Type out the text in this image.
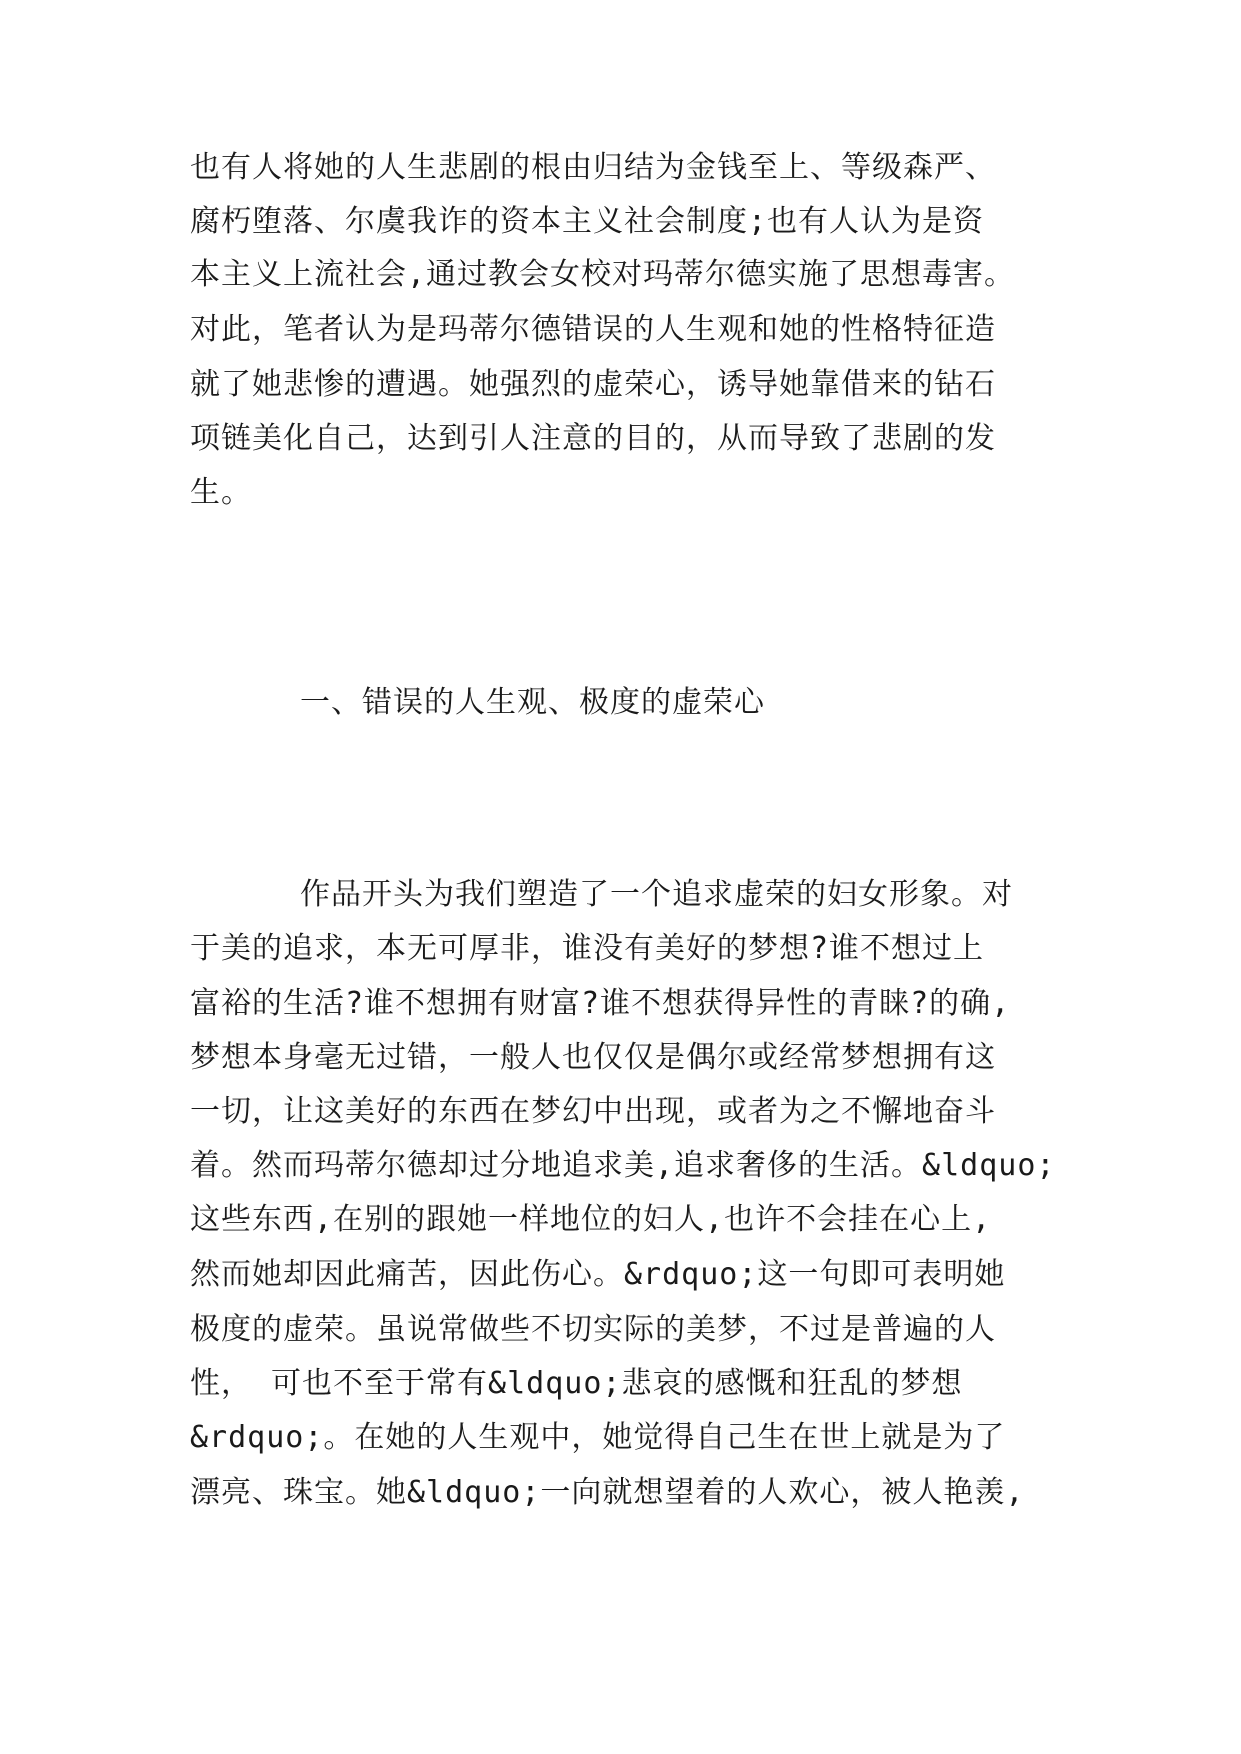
也有人将她的人生悲剧的根由归结为金钱至上、等级森严、
腐朽堕落、尔虞我诈的资本主义社会制度;也有人认为是资
本主义上流社会,通过教会女校对玛蒂尔德实施了思想毒害。
对此，笔者认为是玛蒂尔德错误的人生观和她的性格特征造
就了她悲惨的遭遇。她强烈的虚荣心，诱导她靠借来的钻石
项链美化自己，达到引人注意的目的，从而导致了悲剧的发
生。
一、错误的人生观、极度的虚荣心
作品开头为我们塑造了一个追求虚荣的妇女形象。对
于美的追求，本无可厚非，谁没有美好的梦想?谁不想过上
富裕的生活?谁不想拥有财富?谁不想获得异性的青睐?的确,
梦想本身毫无过错，一般人也仅仅是偶尔或经常梦想拥有这
一切，让这美好的东西在梦幻中出现，或者为之不懈地奋斗
着。然而玛蒂尔德却过分地追求美,追求奢侈的生活。&ldquo;
这些东西,在别的跟她一样地位的妇人,也许不会挂在心上,
然而她却因此痛苦，因此伤心。&rdquo;这一句即可表明她
极度的虚荣。虽说常做些不切实际的美梦，不过是普遍的人
性， 可也不至于常有&ldquo;悲哀的感慨和狂乱的梦想
&rdquo;。在她的人生观中，她觉得自己生在世上就是为了
漂亮、珠宝。她&ldquo;一向就想望着的人欢心，被人艳羡,
